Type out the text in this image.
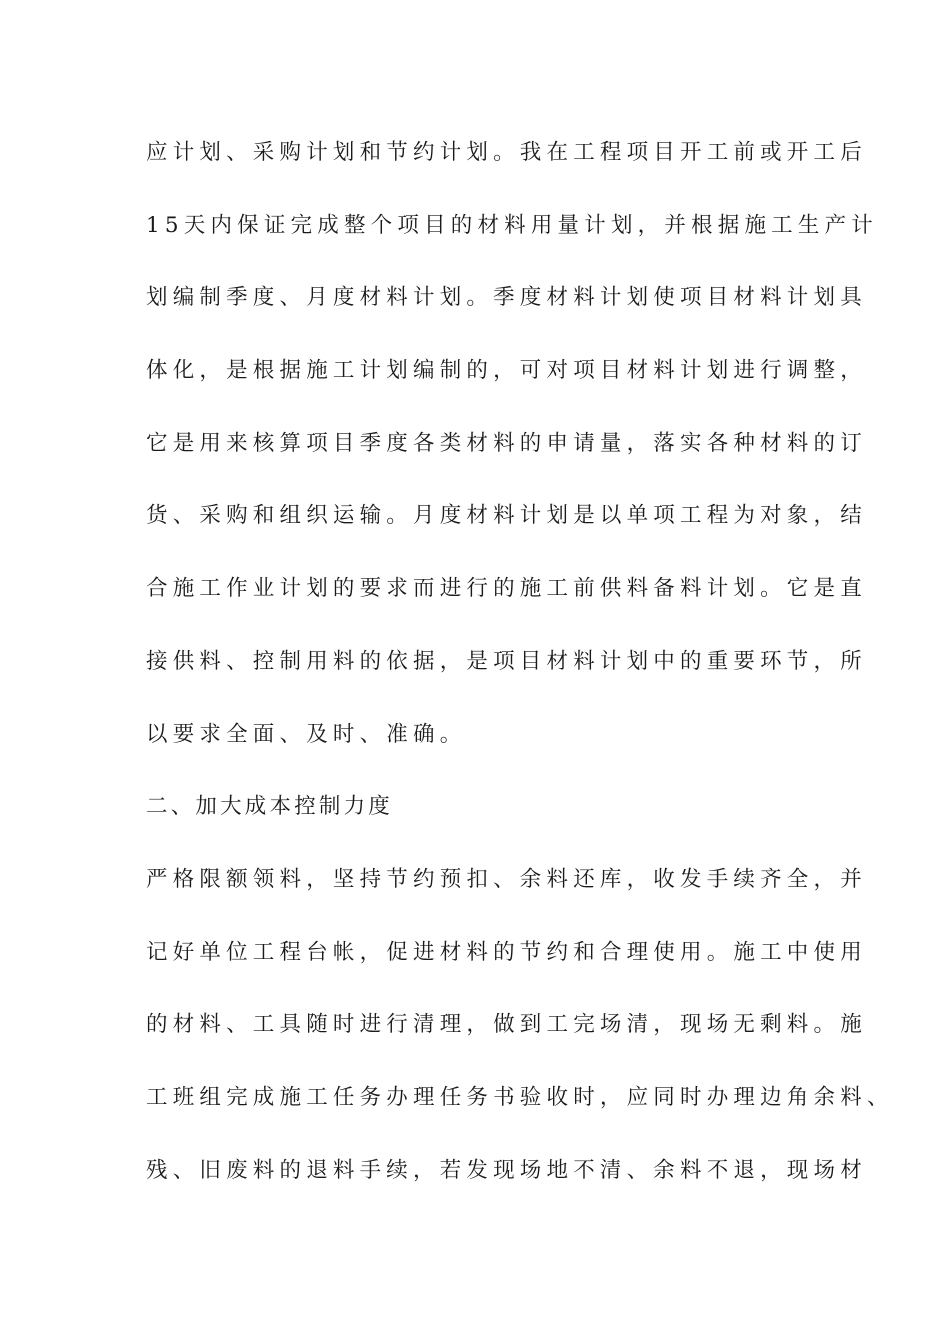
应计划、采购计划和节约计划。我在工程项目开工前或开工后
15天内保证完成整个项目的材料用量计划，并根据施工生产计
划编制季度、月度材料计划。季度材料计划使项目材料计划具
体化，是根据施工计划编制的，可对项目材料计划进行调整，
它是用来核算项目季度各类材料的申请量，落实各种材料的订
货、采购和组织运输。月度材料计划是以单项工程为对象，结
合施工作业计划的要求而进行的施工前供料备料计划。它是直
接供料、控制用料的依据，是项目材料计划中的重要环节，所
以要求全面、及时、准确。
二、加大成本控制力度
严格限额领料，坚持节约预扣、余料还库，收发手续齐全，并
记好单位工程台帐，促进材料的节约和合理使用。施工中使用
的材料、工具随时进行清理，做到工完场清，现场无剩料。施
工班组完成施工任务办理任务书验收时，应同时办理边角余料、
残、旧废料的退料手续，若发现场地不清、余料不退，现场材
